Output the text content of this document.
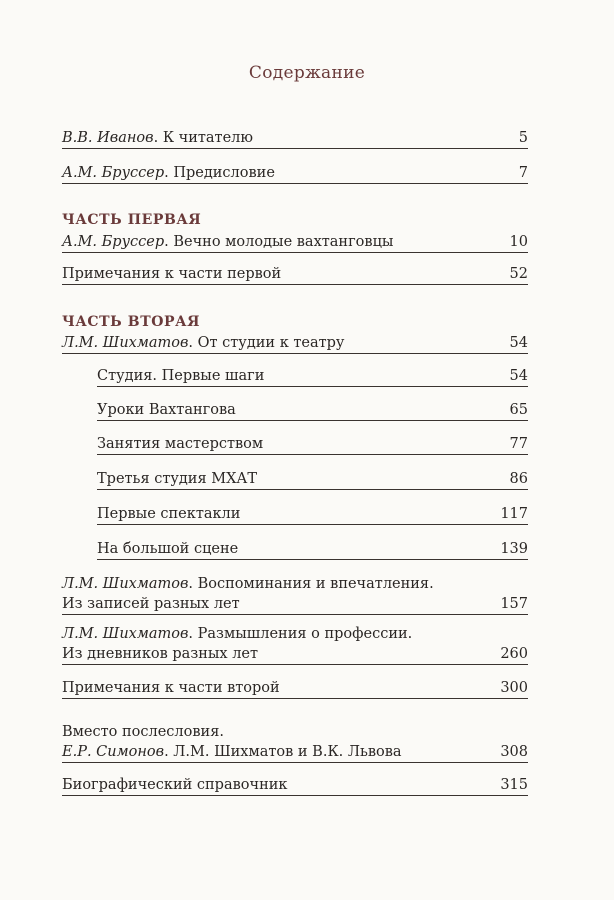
Содержание
В.В. Иванов. К читателю	5
А.М. Бруссер. Предисловие	7
ЧАСТЬ ПЕРВАЯ
А.М. Бруссер. Вечно молодые вахтанговцы	10
Примечания к части первой	52
ЧАСТЬ ВТОРАЯ
Л.М. Шихматов. От студии к театру	54
Студия. Первые шаги	54
Уроки Вахтангова	65
Занятия мастерством	77
Третья студия МХАТ	86
Первые спектакли	117
На большой сцене	139
Л.М. Шихматов. Воспоминания и впечатления.
Из записей разных лет	157
Л.М. Шихматов. Размышления о профессии.
Из дневников разных лет	260
Примечания к части второй	300
Вместо послесловия.
Е.Р. Симонов. Л.М. Шихматов и В.К. Львова	308
Биографический справочник	315
